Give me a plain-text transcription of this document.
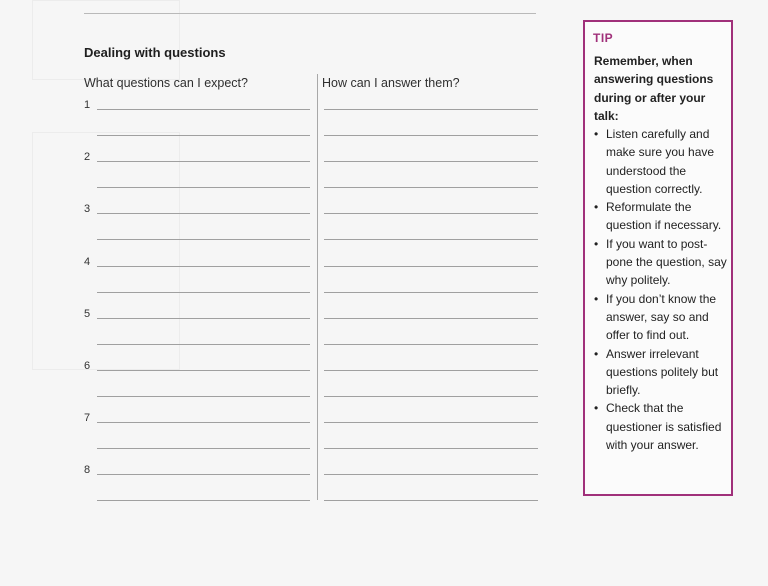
Dealing with questions
What questions can I expect?	How can I answer them?
1
2
3
4
5
6
7
8
TIP
Remember, when answering questions during or after your talk:
• Listen carefully and make sure you have understood the question correctly.
• Reformulate the question if necessary.
• If you want to post-pone the question, say why politely.
• If you don’t know the answer, say so and offer to find out.
• Answer irrelevant questions politely but briefly.
• Check that the questioner is satisfied with your answer.
